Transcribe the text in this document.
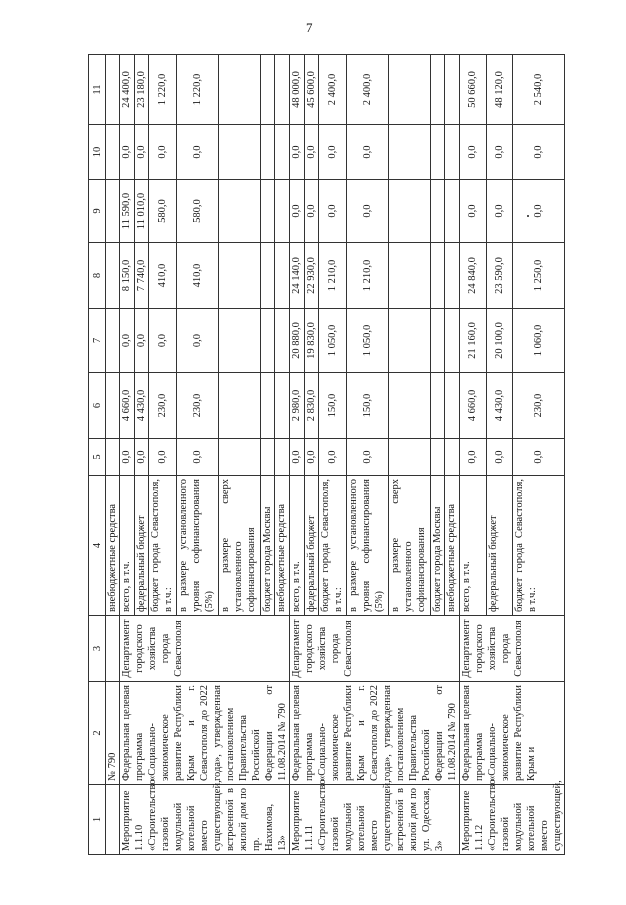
7
1	2	3	4	5	6	7	8	9	10	11
	№ 790		внебюджетные средства							
Мероприятие 1.1.10 «Строительство газовой модульной котельной вместо существующей, встроенной в жилой дом по пр. Нахимова, 13»	Федеральная целевая программа «Социально-экономическое развитие Республики Крым и г. Севастополя до 2022 года», утвержденная постановлением Правительства Российской Федерации от 11.08.2014 № 790	Департамент городского хозяйства города Севастополя	всего, в т.ч.	0,0	4 660,0	0,0	8 150,0	11 590,0	0,0	24 400,0
			федеральный бюджет	0,0	4 430,0	0,0	7 740,0	11 010,0	0,0	23 180,0
			бюджет города Севастополя, в т.ч.:	0,0	230,0	0,0	410,0	580,0	0,0	1 220,0
			в размере установленного уровня софинансирования (5%)	0,0	230,0	0,0	410,0	580,0	0,0	1 220,0
			в размере сверх установленного софинансирования							
			бюджет города Москвы							
			внебюджетные средства							
Мероприятие 1.1.11 «Строительство газовой модульной котельной вместо существующей, встроенной в жилой дом по ул. Одесская, 3»	Федеральная целевая программа «Социально-экономическое развитие Республики Крым и г. Севастополя до 2022 года», утвержденная постановлением Правительства Российской Федерации от 11.08.2014 № 790	Департамент городского хозяйства города Севастополя	всего, в т.ч.	0,0	2 980,0	20 880,0	24 140,0	0,0	0,0	48 000,0
			федеральный бюджет	0,0	2 830,0	19 830,0	22 930,0	0,0	0,0	45 600,0
			бюджет города Севастополя, в т.ч.:	0,0	150,0	1 050,0	1 210,0	0,0	0,0	2 400,0
			в размере установленного уровня софинансирования (5%)	0,0	150,0	1 050,0	1 210,0	0,0	0,0	2 400,0
			в размере сверх установленного софинансирования							
			бюджет города Москвы							
			внебюджетные средства							
Мероприятие 1.1.12 «Строительство газовой модульной котельной вместо существующей,	Федеральная целевая программа «Социально-экономическое развитие Республики Крым и	Департамент городского хозяйства города Севастополя	всего, в т.ч.	0,0	4 660,0	21 160,0	24 840,0	0,0	0,0	50 660,0
			федеральный бюджет	0,0	4 430,0	20 100,0	23 590,0	0,0	0,0	48 120,0
			бюджет города Севастополя, в т.ч.:	0,0	230,0	1 060,0	1 250,0	0,0	0,0	2 540,0
